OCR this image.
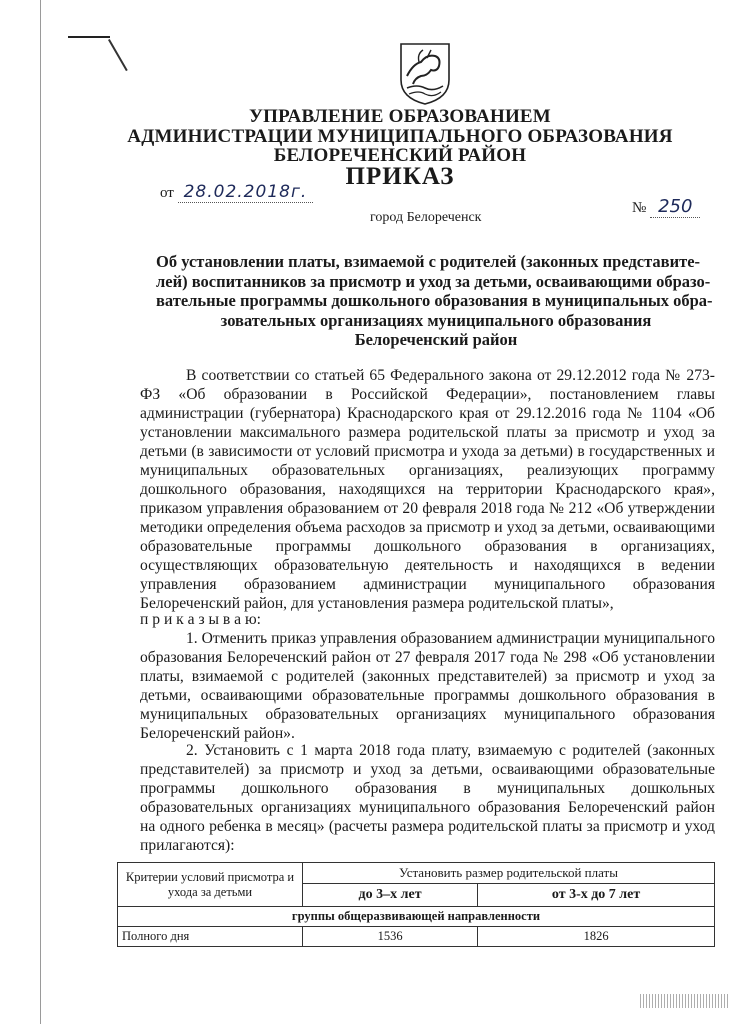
УПРАВЛЕНИЕ ОБРАЗОВАНИЕМ
АДМИНИСТРАЦИИ МУНИЦИПАЛЬНОГО ОБРАЗОВАНИЯ
БЕЛОРЕЧЕНСКИЙ РАЙОН
ПРИКАЗ
от 28.02.2018г.
№ 250
город Белореченск
Об установлении платы, взимаемой с родителей (законных представите-
лей) воспитанников за присмотр и уход за детьми, осваивающими образо-
вательные программы дошкольного образования в муниципальных обра-
зовательных организациях муниципального образования
Белореченский район

В соответствии со статьей 65 Федерального закона от 29.12.2012 года № 273- ФЗ «Об образовании в Российской Федерации», постановлением главы администрации (губернатора) Краснодарского края от 29.12.2016 года № 1104 «Об установлении максимального размера родительской платы за присмотр и уход за детьми (в зависимости от условий присмотра и ухода за детьми) в государственных и муниципальных образовательных организациях, реализующих программу дошкольного образования, находящихся на территории Краснодарского края», приказом управления образованием от 20 февраля 2018 года № 212 «Об утверждении методики определения объема расходов за присмотр и уход за детьми, осваивающими образовательные программы дошкольного образования в организациях, осуществляющих образовательную деятельность и находящихся в ведении управления образованием администрации муниципального образования Белореченский район, для установления размера родительской платы»,

п р и к а з ы в а ю:

1. Отменить приказ управления образованием администрации муниципального образования Белореченский район от 27 февраля 2017 года № 298 «Об установлении платы, взимаемой с родителей (законных представителей) за присмотр и уход за детьми, осваивающими образовательные программы дошкольного образования в муниципальных образовательных организациях муниципального образования Белореченский район».

2. Установить с 1 марта 2018 года плату, взимаемую с родителей (законных представителей) за присмотр и уход за детьми, осваивающими образовательные программы дошкольного образования в муниципальных дошкольных образовательных организациях муниципального образования Белореченский район на одного ребенка в месяц» (расчеты размера родительской платы за присмотр и уход прилагаются):

Критерии условий присмотра и ухода за детьми	Установить размер родительской платы	
	до 3–х лет	от 3-х до 7 лет
группы общеразвивающей направленности		
Полного дня	1536	1826
